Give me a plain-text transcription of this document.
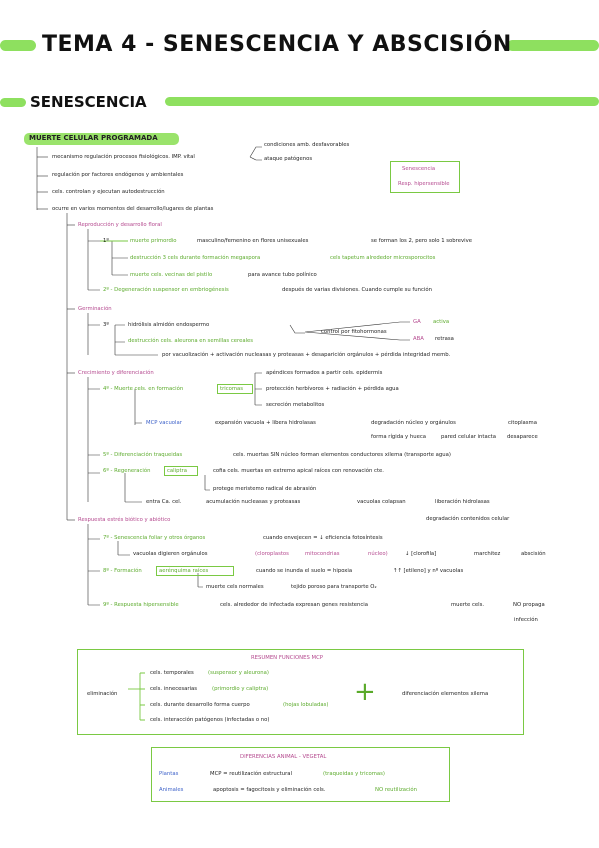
TEMA 4 - SENESCENCIA Y ABSCISIÓN
SENESCENCIA
MUERTE CELULAR PROGRAMADA
mecanismo regulación procesos fisiológicos. IMP. vital
condiciones amb. desfavorables
ataque patógenos
regulación por factores endógenos y ambientales
cels. controlan y ejecutan autodestrucción
ocurre en varios momentos del desarrollo/lugares de plantas
Senescencia
Resp. hipersensible
Reproducción y desarrollo floral
1º	muerte primordio	masculino/femenino en flores unisexuales	se forman los 2, pero solo 1 sobrevive
destrucción 3 cels durante formación megaspora	cels tapetum alrededor microsporocitos
muerte cels. vecinas del pistilo	para avance tubo polínico
2º - Degeneración suspensor en embriogénesis	después de varias divisiones. Cuando cumple su función
Germinación
3º	hidrólisis almidón endospermo
destrucción cels. aleurona en semillas cereales
control por fitohormonas
GA activa
ABA retrasa
por vacuolización + activación nucleasas y proteasas + desaparición orgánulos + pérdida integridad memb.
Crecimiento y diferenciación
4º - Muerte cels. en formación	tricomas
apéndices formados a partir cels. epidermis
protección herbívoros + radiación + pérdida agua
secreción metabolitos
MCP vacuolar	expansión vacuola + libera hidrolasas	degradación núcleo y orgánulos	citoplasma
forma rígida y hueca	pared celular intacta desaparece
5º - Diferenciación traqueidas	cels. muertas SIN núcleo forman elementos conductores xilema (transporte agua)
6º - Regeneración	caliptra	cofia cels. muertas en extremo apical raíces con renovación cte.
protege meristemo radical de abrasión
entra Ca. cel.	acumulación nucleasas y proteasas	vacuolas colapsan	liberación hidrolasas
degradación contenidos celular
Respuesta estrés biótico y abiótico
7º - Senescencia foliar y otros órganos	cuando envejecen = ↓ eficiencia fotosíntesis
vacuolas digieren orgánulos	(cloroplastos	mitocondrias	núcleo)	↓ [clorofila]	marchitez	abscisión
8º - Formación	aerénquima raíces	cuando se inunda el suelo = hipoxia	↑↑ [etileno] y nº vacuolas
muerte cels normales	tejido poroso para transporte O₂
9º - Respuesta hipersensible	cels. alrededor de infectada expresan genes resistencia	muerte cels.	NO propaga
infección
RESUMEN FUNCIONES MCP
eliminación
cels. temporales	(suspensor y aleurona)
cels. innecesarias	(primordio y caliptra)
cels. durante desarrollo forma cuerpo	(hojas lobuladas)
cels. interacción patógenos (infectadas o no)
+	diferenciación elementos xilema
DIFERENCIAS ANIMAL - VEGETAL
Plantas	MCP = reutilización estructural	(traqueidas y tricomas)
Animales	apoptosis = fagocitosis y eliminación cels.	NO reutilización
